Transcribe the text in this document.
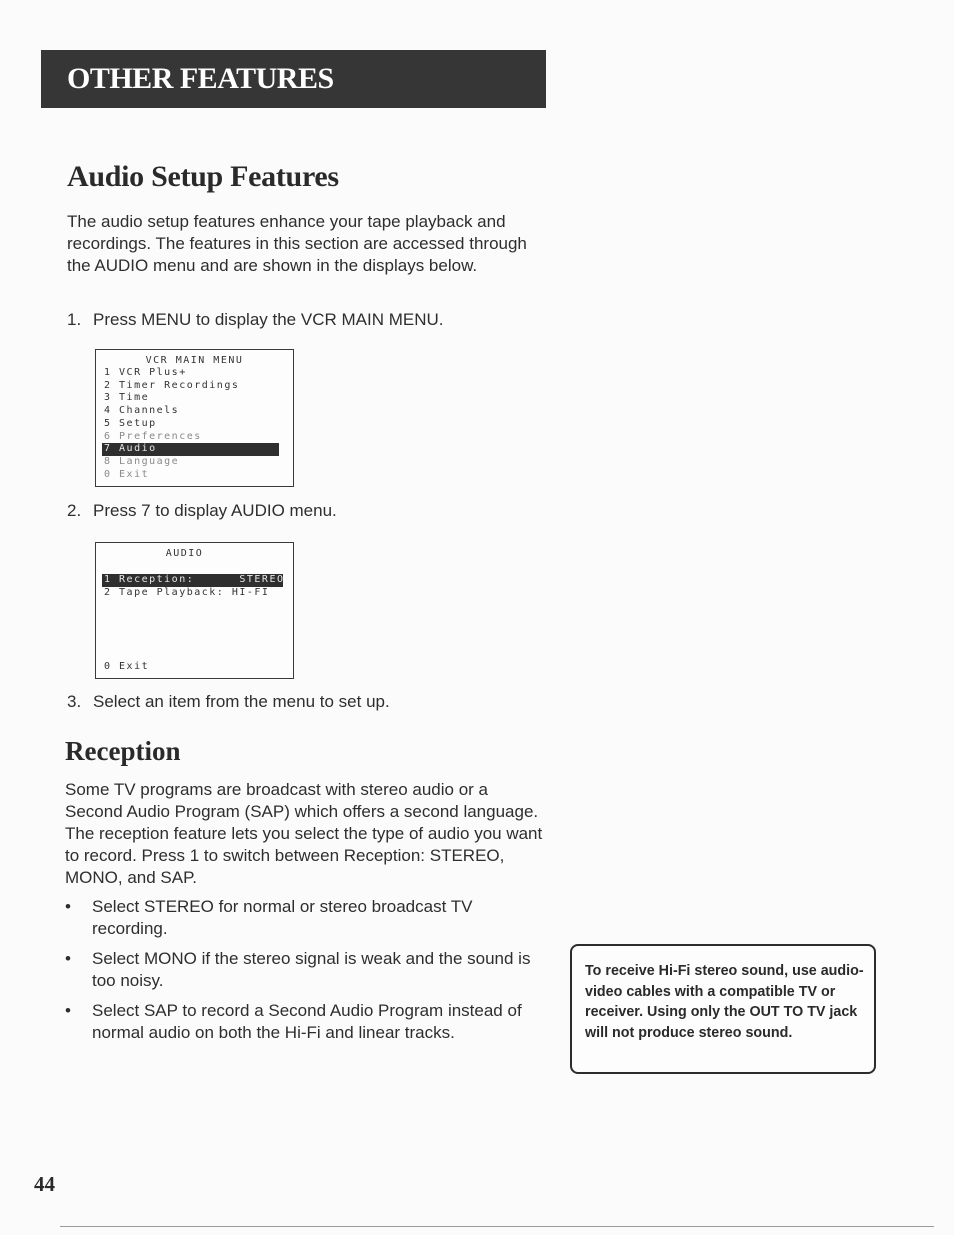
OTHER FEATURES
Audio Setup Features

The audio setup features enhance your tape playback and recordings. The features in this section are accessed through the AUDIO menu and are shown in the displays below.

1. Press MENU to display the VCR MAIN MENU.
VCR MAIN MENU
1 VCR Plus+
2 Timer Recordings
3 Time
4 Channels
5 Setup
6 Preferences
7 Audio
8 Language
0 Exit
2. Press 7 to display AUDIO menu.
AUDIO
1 Reception:      STEREO
2 Tape Playback: HI-FI
0 Exit
3. Select an item from the menu to set up.
Reception

Some TV programs are broadcast with stereo audio or a Second Audio Program (SAP) which offers a second language. The reception feature lets you select the type of audio you want to record. Press 1 to switch between Reception: STEREO, MONO, and SAP.

• Select STEREO for normal or stereo broadcast TV recording.
• Select MONO if the stereo signal is weak and the sound is too noisy.
• Select SAP to record a Second Audio Program instead of normal audio on both the Hi-Fi and linear tracks.
To receive Hi-Fi stereo sound, use audio-video cables with a compatible TV or receiver. Using only the OUT TO TV jack will not produce stereo sound.
44
